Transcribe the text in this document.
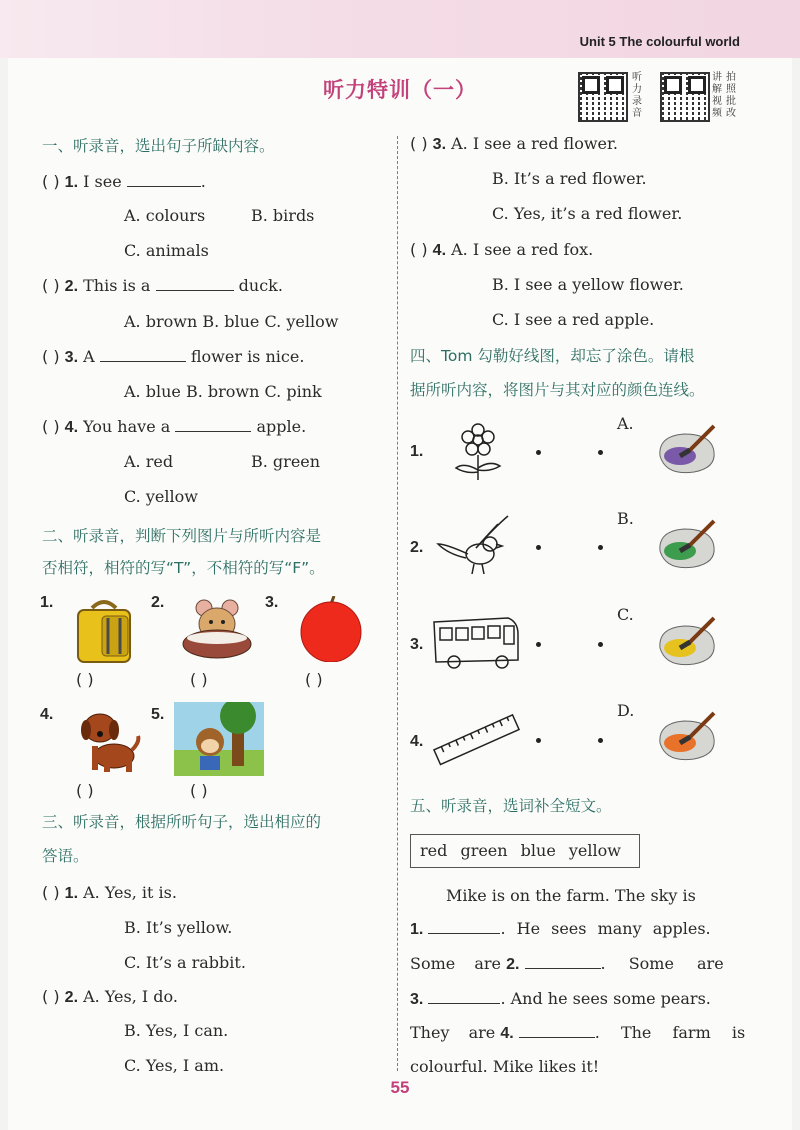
Unit 5 The colourful world
听力特训（一）
听力录音
讲解视频
拍照批改
一、听录音，选出句子所缺内容。
( ) 1. I see	.
A. colours	B. birds
C. animals
( ) 2. This is a	duck.
A. brown B. blue C. yellow
( ) 3. A	flower is nice.
A. blue B. brown C. pink
( ) 4. You have a	apple.
A. red	B. green
C. yellow
二、听录音，判断下列图片与所听内容是
否相符，相符的写“T”，不相符的写“F”。
1.
( )
2.
( )
3.
( )
4.
( )
5.
( )
三、听录音，根据所听句子，选出相应的
答语。
( ) 1. A. Yes, it is.
B. It’s yellow.
C. It’s a rabbit.
( ) 2. A. Yes, I do.
B. Yes, I can.
C. Yes, I am.
( ) 3. A. I see a red flower.
B. It’s a red flower.
C. Yes, it’s a red flower.
( ) 4. A. I see a red fox.
B. I see a yellow flower.
C. I see a red apple.
四、Tom 勾勒好线图，却忘了涂色。请根
据所听内容，将图片与其对应的颜色连线。
1.
A.
2.
B.
3.
C.
4.
D.
五、听录音，选词补全短文。
red green blue yellow
Mike is on the farm. The sky is
1.	. He sees many apples.
Some are 2.	. Some are
3.	. And he sees some pears.
They are 4.	. The farm is
colourful. Mike likes it!
55
